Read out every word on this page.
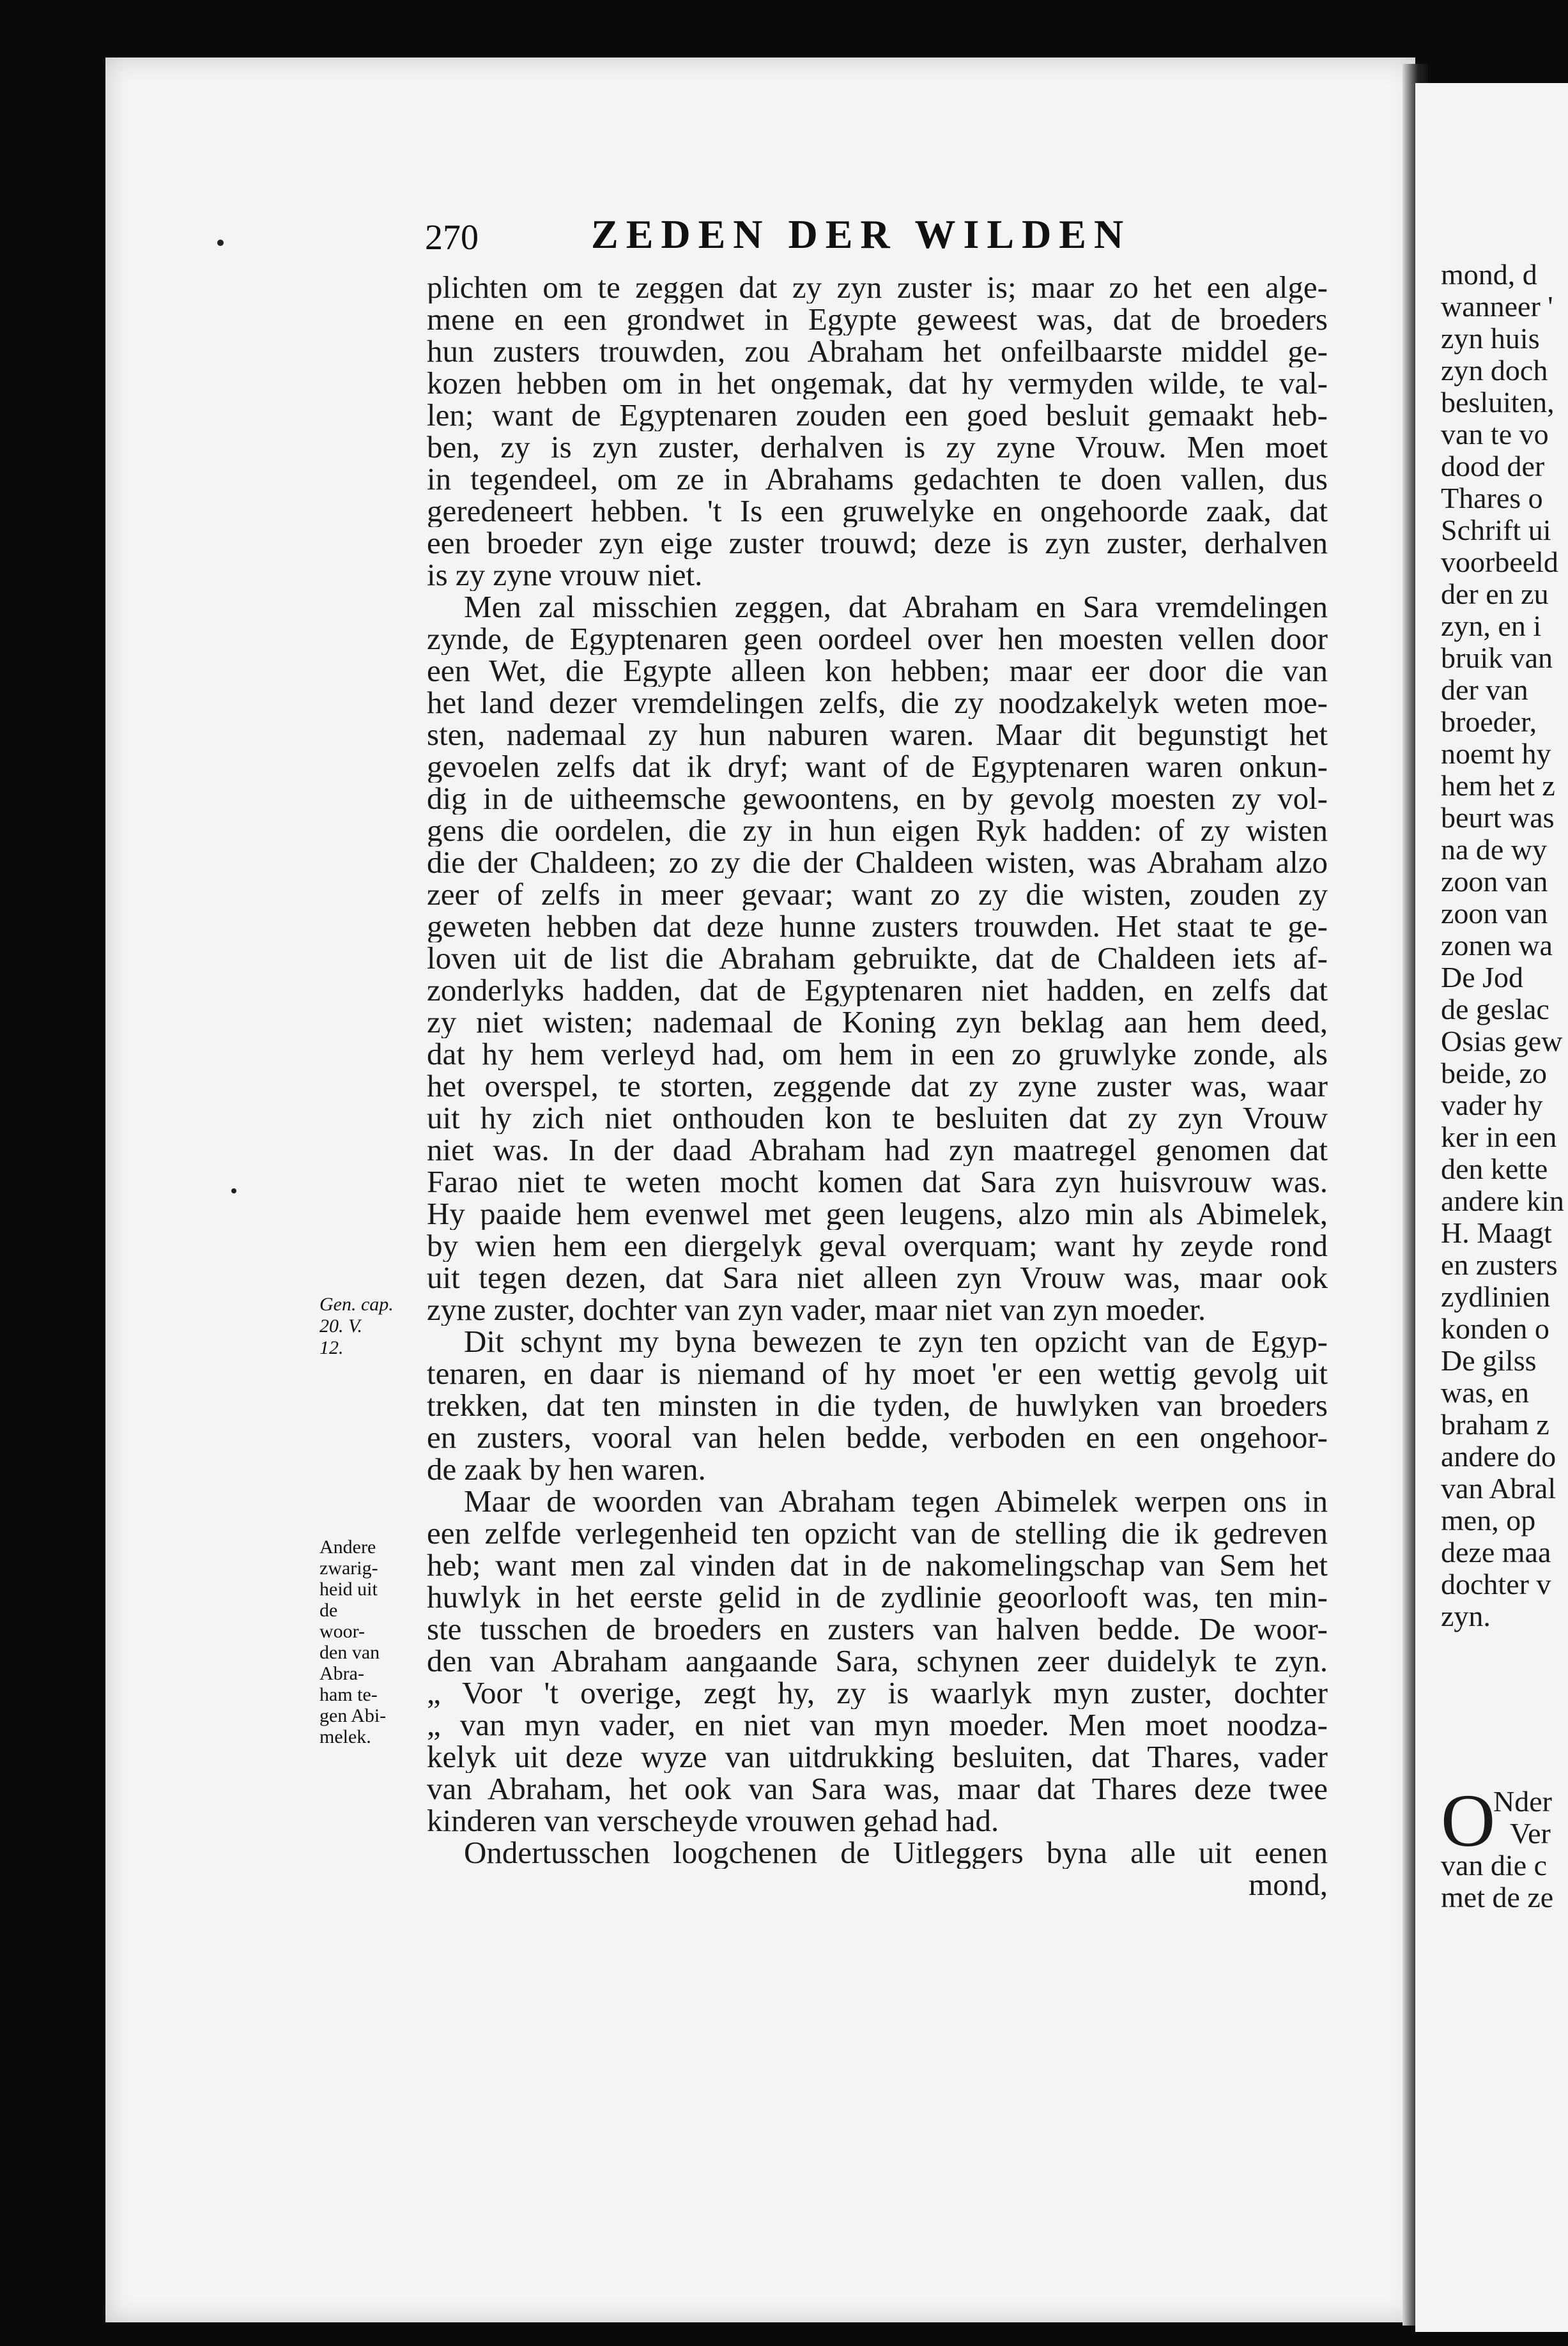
270	ZEDEN DER WILDEN
plichten om te zeggen dat zy zyn zuster is; maar zo het een alge-
mene en een grondwet in Egypte geweest was, dat de broeders
hun zusters trouwden, zou Abraham het onfeilbaarste middel ge-
kozen hebben om in het ongemak, dat hy vermyden wilde, te val-
len; want de Egyptenaren zouden een goed besluit gemaakt heb-
ben, zy is zyn zuster, derhalven is zy zyne Vrouw. Men moet
in tegendeel, om ze in Abrahams gedachten te doen vallen, dus
geredeneert hebben. 't Is een gruwelyke en ongehoorde zaak, dat
een broeder zyn eige zuster trouwd; deze is zyn zuster, derhalven
is zy zyne vrouw niet.
Men zal misschien zeggen, dat Abraham en Sara vremdelingen
zynde, de Egyptenaren geen oordeel over hen moesten vellen door
een Wet, die Egypte alleen kon hebben; maar eer door die van
het land dezer vremdelingen zelfs, die zy noodzakelyk weten moe-
sten, nademaal zy hun naburen waren. Maar dit begunstigt het
gevoelen zelfs dat ik dryf; want of de Egyptenaren waren onkun-
dig in de uitheemsche gewoontens, en by gevolg moesten zy vol-
gens die oordelen, die zy in hun eigen Ryk hadden: of zy wisten
die der Chaldeen; zo zy die der Chaldeen wisten, was Abraham alzo
zeer of zelfs in meer gevaar; want zo zy die wisten, zouden zy
geweten hebben dat deze hunne zusters trouwden. Het staat te ge-
loven uit de list die Abraham gebruikte, dat de Chaldeen iets af-
zonderlyks hadden, dat de Egyptenaren niet hadden, en zelfs dat
zy niet wisten; nademaal de Koning zyn beklag aan hem deed,
dat hy hem verleyd had, om hem in een zo gruwlyke zonde, als
het overspel, te storten, zeggende dat zy zyne zuster was, waar
uit hy zich niet onthouden kon te besluiten dat zy zyn Vrouw
niet was. In der daad Abraham had zyn maatregel genomen dat
Farao niet te weten mocht komen dat Sara zyn huisvrouw was.
Hy paaide hem evenwel met geen leugens, alzo min als Abimelek,
by wien hem een diergelyk geval overquam; want hy zeyde rond
uit tegen dezen, dat Sara niet alleen zyn Vrouw was, maar ook
zyne zuster, dochter van zyn vader, maar niet van zyn moeder.
Dit schynt my byna bewezen te zyn ten opzicht van de Egyp-
tenaren, en daar is niemand of hy moet 'er een wettig gevolg uit
trekken, dat ten minsten in die tyden, de huwlyken van broeders
en zusters, vooral van helen bedde, verboden en een ongehoor-
de zaak by hen waren.
Maar de woorden van Abraham tegen Abimelek werpen ons in
een zelfde verlegenheid ten opzicht van de stelling die ik gedreven
heb; want men zal vinden dat in de nakomelingschap van Sem het
huwlyk in het eerste gelid in de zydlinie geoorlooft was, ten min-
ste tusschen de broeders en zusters van halven bedde. De woor-
den van Abraham aangaande Sara, schynen zeer duidelyk te zyn.
„ Voor 't overige, zegt hy, zy is waarlyk myn zuster, dochter
„ van myn vader, en niet van myn moeder. Men moet noodza-
kelyk uit deze wyze van uitdrukking besluiten, dat Thares, vader
van Abraham, het ook van Sara was, maar dat Thares deze twee
kinderen van verscheyde vrouwen gehad had.
Ondertusschen loogchenen de Uitleggers byna alle uit eenen
mond,
Gen. cap.
20. V.
12.
Andere
zwarig-
heid uit
de
woor-
den van
Abra-
ham te-
gen Abi-
melek.
mond, d
wanneer '
zyn huis
zyn doch
besluiten,
van te vo
dood der
Thares o
Schrift ui
voorbeeld
der en zu
zyn, en i
bruik van
der van
broeder,
noemt hy
hem het z
beurt was
na de wy
zoon van
zoon van
zonen wa
De Jod
de geslac
Osias gew
beide, zo
vader hy
ker in een
den kette
andere kin
H. Maagt
en zusters
zydlinien
konden o
De gilss
was, en
braham z
andere do
van Abral
men, op
deze maa
dochter v
zyn.
O
Nder
Ver
van die c
met de ze
